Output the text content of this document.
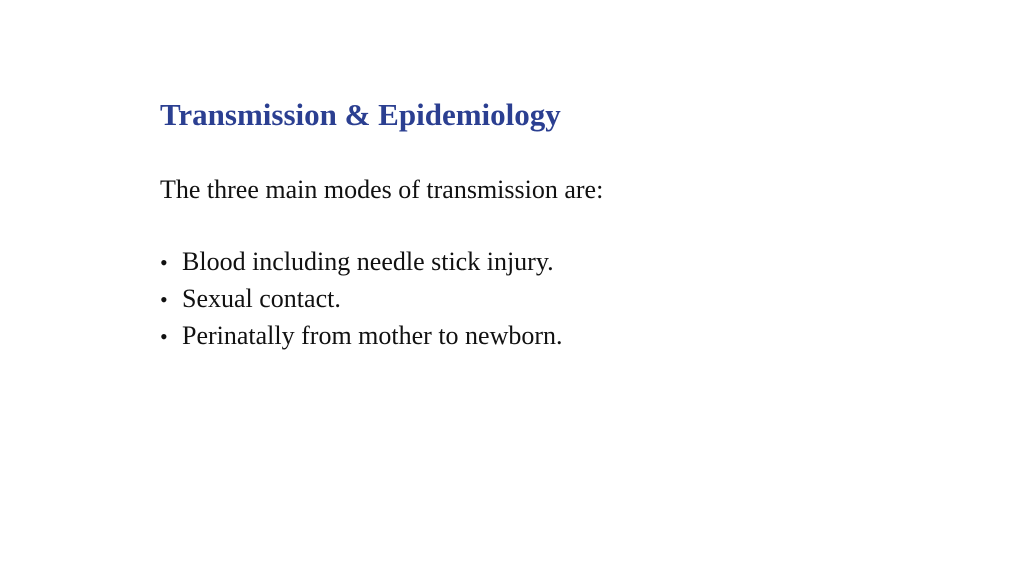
Transmission & Epidemiology

The three main modes of transmission are:

• Blood including needle stick injury.
• Sexual contact.
• Perinatally from mother to newborn.
